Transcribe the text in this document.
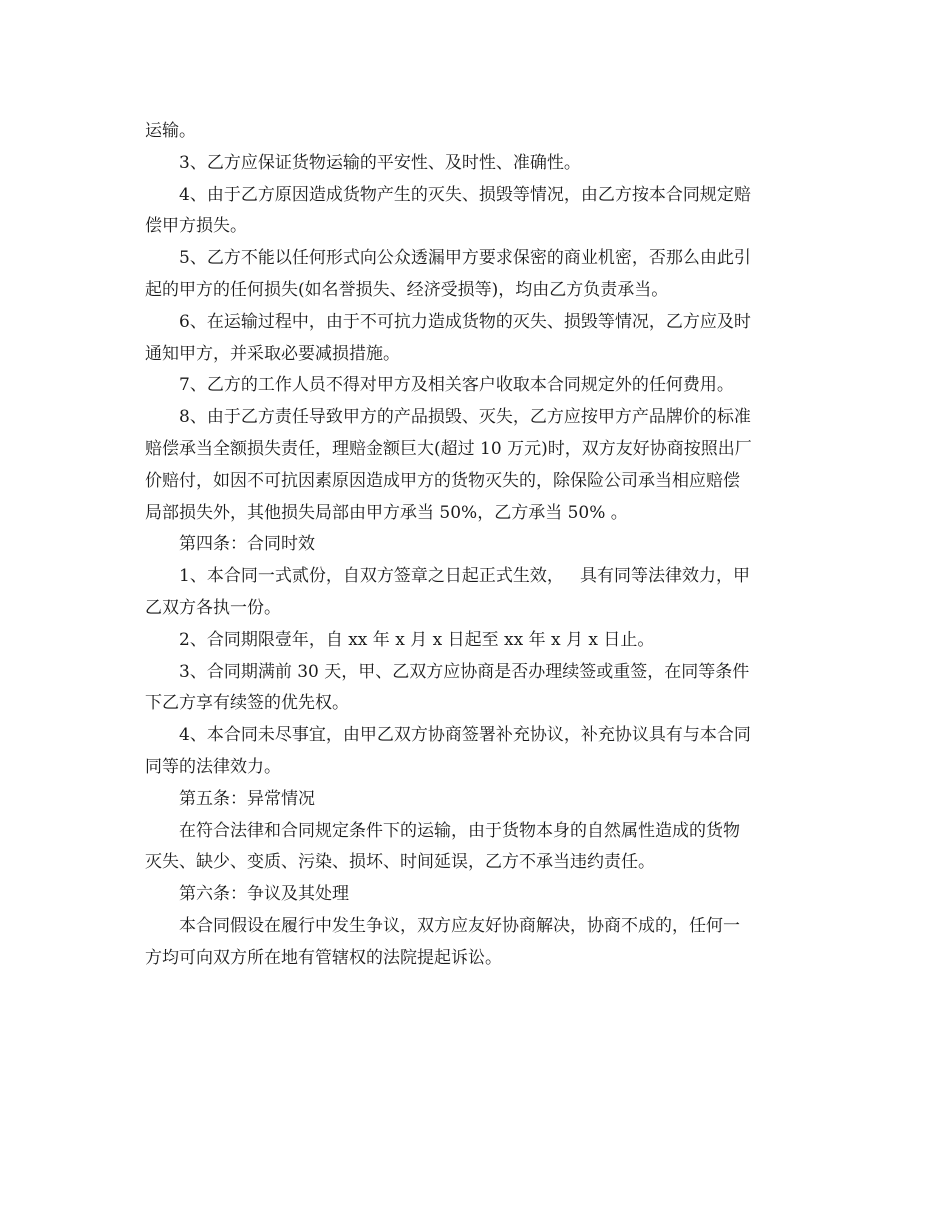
运输。
3、乙方应保证货物运输的平安性、及时性、准确性。
4、由于乙方原因造成货物产生的灭失、损毁等情况，由乙方按本合同规定赔
偿甲方损失。
5、乙方不能以任何形式向公众透漏甲方要求保密的商业机密，否那么由此引
起的甲方的任何损失(如名誉损失、经济受损等)，均由乙方负责承当。
6、在运输过程中，由于不可抗力造成货物的灭失、损毁等情况，乙方应及时
通知甲方，并采取必要减损措施。
7、乙方的工作人员不得对甲方及相关客户收取本合同规定外的任何费用。
8、由于乙方责任导致甲方的产品损毁、灭失，乙方应按甲方产品牌价的标准
赔偿承当全额损失责任，理赔金额巨大(超过 10 万元)时，双方友好协商按照出厂
价赔付，如因不可抗因素原因造成甲方的货物灭失的，除保险公司承当相应赔偿
局部损失外，其他损失局部由甲方承当 50%，乙方承当 50% 。
第四条：合同时效
1、本合同一式贰份，自双方签章之日起正式生效，   具有同等法律效力，甲
乙双方各执一份。
2、合同期限壹年，自 xx 年 x 月 x 日起至 xx 年 x 月 x 日止。
3、合同期满前 30 天，甲、乙双方应协商是否办理续签或重签，在同等条件
下乙方享有续签的优先权。
4、本合同未尽事宜，由甲乙双方协商签署补充协议，补充协议具有与本合同
同等的法律效力。
第五条：异常情况
在符合法律和合同规定条件下的运输，由于货物本身的自然属性造成的货物
灭失、缺少、变质、污染、损坏、时间延误，乙方不承当违约责任。
第六条：争议及其处理
本合同假设在履行中发生争议，双方应友好协商解决，协商不成的，任何一
方均可向双方所在地有管辖权的法院提起诉讼。
